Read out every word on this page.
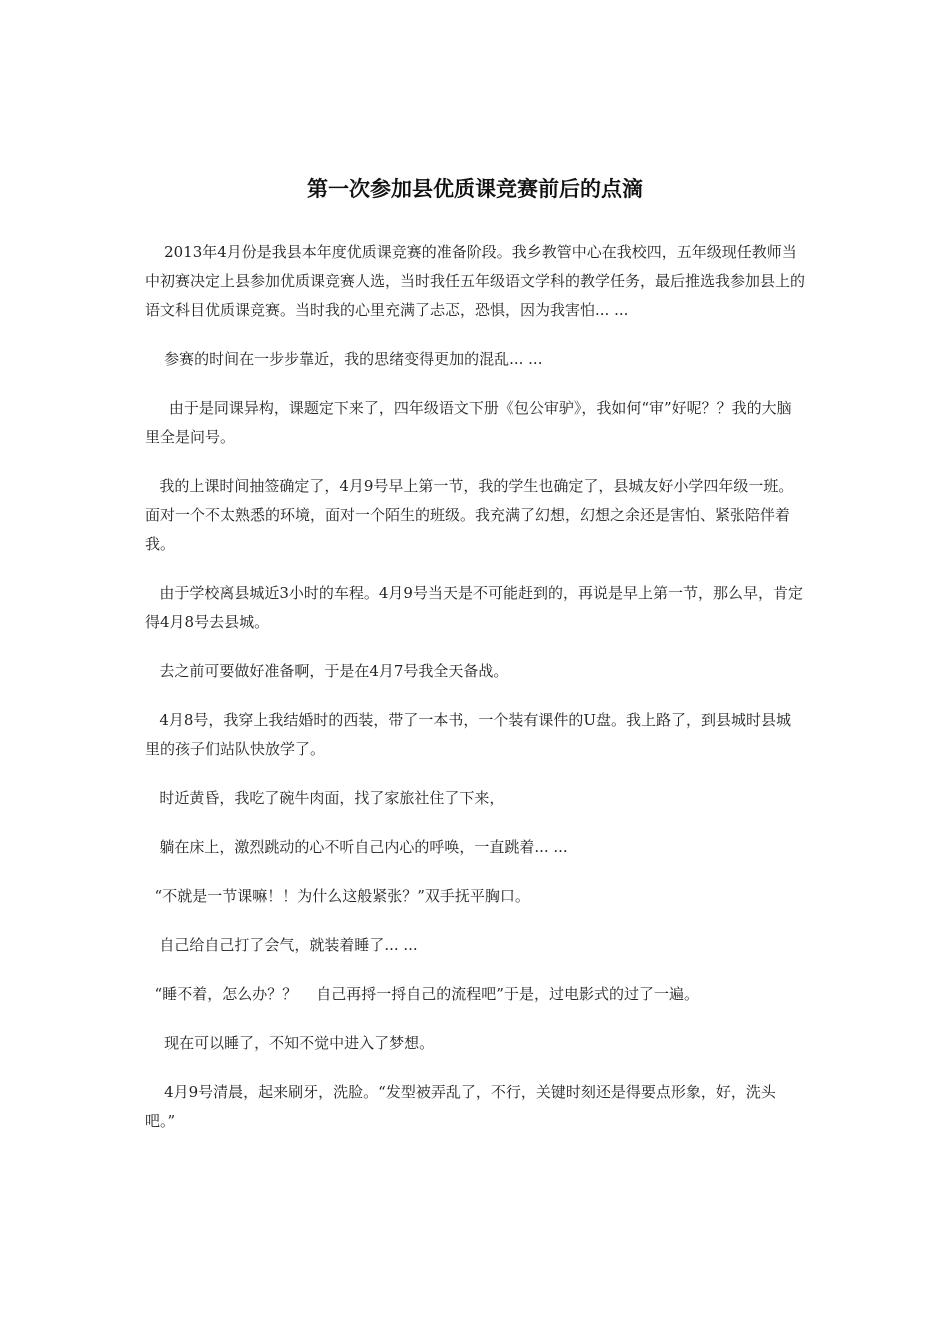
第一次参加县优质课竞赛前后的点滴

2013年4月份是我县本年度优质课竞赛的准备阶段。我乡教管中心在我校四，五年级现任教师当中初赛决定上县参加优质课竞赛人选，当时我任五年级语文学科的教学任务，最后推选我参加县上的语文科目优质课竞赛。当时我的心里充满了忐忑，恐惧，因为我害怕... ...

参赛的时间在一步步靠近，我的思绪变得更加的混乱... ...

由于是同课异构，课题定下来了，四年级语文下册《包公审驴》，我如何“审”好呢？？我的大脑里全是问号。

我的上课时间抽签确定了，4月9号早上第一节，我的学生也确定了，县城友好小学四年级一班。面对一个不太熟悉的环境，面对一个陌生的班级。我充满了幻想，幻想之余还是害怕、紧张陪伴着我。

由于学校离县城近3小时的车程。4月9号当天是不可能赶到的，再说是早上第一节，那么早，肯定得4月8号去县城。

去之前可要做好准备啊，于是在4月7号我全天备战。

4月8号，我穿上我结婚时的西装，带了一本书，一个装有课件的U盘。我上路了，到县城时县城里的孩子们站队快放学了。

时近黄昏，我吃了碗牛肉面，找了家旅社住了下来，

躺在床上，激烈跳动的心不听自己内心的呼唤，一直跳着... ...

“不就是一节课嘛！！为什么这般紧张？”双手抚平胸口。

自己给自己打了会气，就装着睡了... ...

“睡不着，怎么办？？    自己再捋一捋自己的流程吧”于是，过电影式的过了一遍。

现在可以睡了，不知不觉中进入了梦想。

4月9号清晨，起来刷牙，洗脸。“发型被弄乱了，不行，关键时刻还是得要点形象，好，洗头吧。”
